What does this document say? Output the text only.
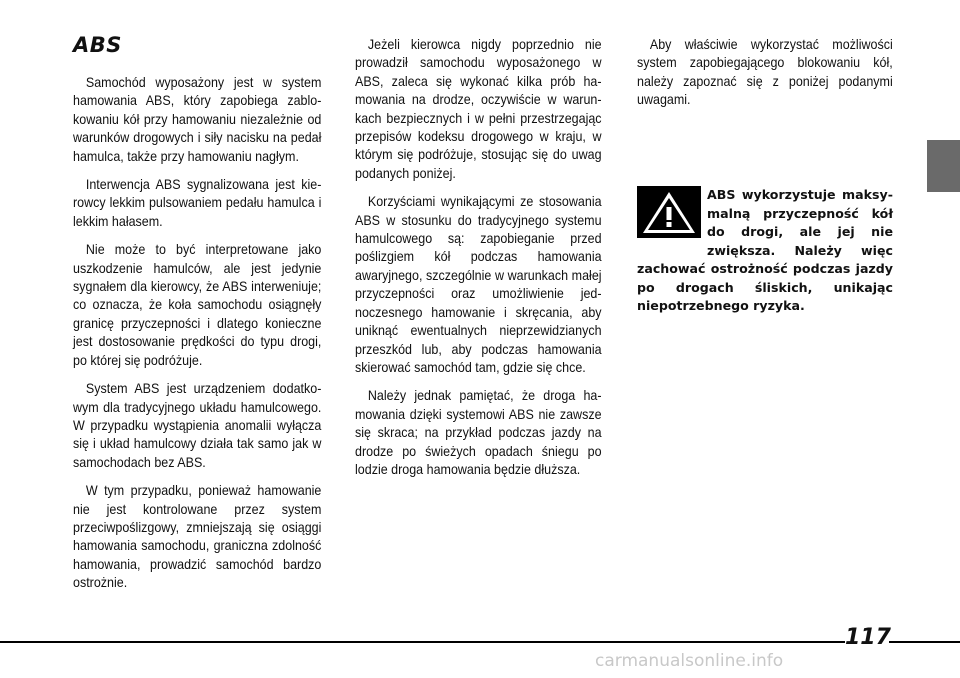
ABS

Samochód wyposażony jest w system hamowania ABS, który zapobiega zablokowaniu kół przy hamowaniu niezależnie od warunków drogowych i siły nacisku na pedał hamulca, także przy hamowaniu nagłym.

Interwencja ABS sygnalizowana jest kierowcy lekkim pulsowaniem pedału hamulca i lekkim hałasem.

Nie może to być interpretowane jako uszkodzenie hamulców, ale jest jedynie sygnałem dla kierowcy, że ABS interweniuje; co oznacza, że koła samochodu osiągnęły granicę przyczepności i dlatego konieczne jest dostosowanie prędkości do typu drogi, po której się podróżuje.

System ABS jest urządzeniem dodatkowym dla tradycyjnego układu hamulcowego. W przypadku wystąpienia anomalii wyłącza się i układ hamulcowy działa tak samo jak w samochodach bez ABS.

W tym przypadku, ponieważ hamowanie nie jest kontrolowane przez system przeciwpoślizgowy, zmniejszają się osiąggi hamowania samochodu, graniczna zdolność hamowania, prowadzić samochód bardzo ostrożnie.

Jeżeli kierowca nigdy poprzednio nie prowadził samochodu wyposażonego w ABS, zaleca się wykonać kilka prób hamowania na drodze, oczywiście w warunkach bezpiecznych i w pełni przestrzegając przepisów kodeksu drogowego w kraju, w którym się podróżuje, stosując się do uwag podanych poniżej.

Korzyściami wynikającymi ze stosowania ABS w stosunku do tradycyjnego systemu hamulcowego są: zapobieganie przed poślizgiem kół podczas hamowania awaryjnego, szczególnie w warunkach małej przyczepności oraz umożliwienie jednoczesnego hamowanie i skręcania, aby uniknąć ewentualnych nieprzewidzianych przeszkód lub, aby podczas hamowania skierować samochód tam, gdzie się chce.

Należy jednak pamiętać, że droga hamowania dzięki systemowi ABS nie zawsze się skraca; na przykład podczas jazdy na drodze po świeżych opadach śniegu po lodzie droga hamowania będzie dłuższa.

Aby właściwie wykorzystać możliwości system zapobiegającego blokowaniu kół, należy zapoznać się z poniżej podanymi uwagami.

ABS wykorzystuje maksymalną przyczepność kół do drogi, ale jej nie zwiększa. Należy więc zachować ostrożność podczas jazdy po drogach śliskich, unikając niepotrzebnego ryzyka.
117
carmanualsonline.info
